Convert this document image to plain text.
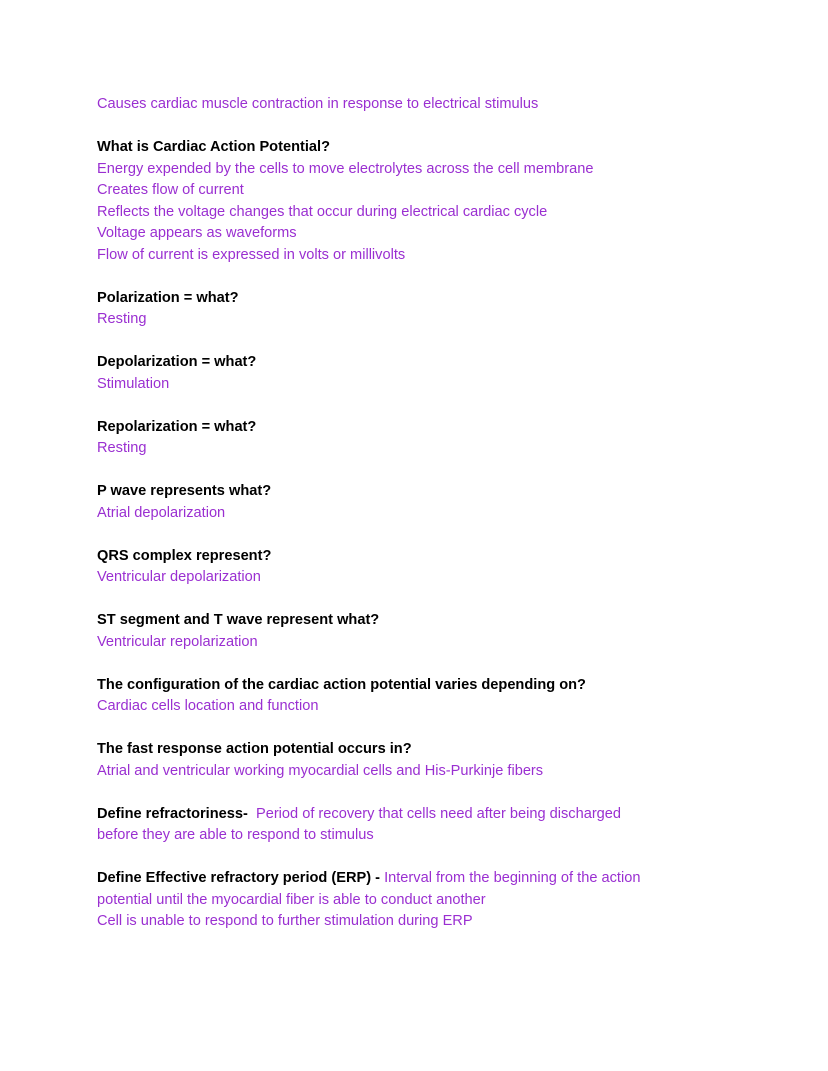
Causes cardiac muscle contraction in response to electrical stimulus
What is Cardiac Action Potential?
Energy expended by the cells to move electrolytes across the cell membrane
Creates flow of current
Reflects the voltage changes that occur during electrical cardiac cycle
Voltage appears as waveforms
Flow of current is expressed in volts or millivolts
Polarization = what?
Resting
Depolarization = what?
Stimulation
Repolarization = what?
Resting
P wave represents what?
Atrial depolarization
QRS complex represent?
Ventricular depolarization
ST segment and T wave represent what?
Ventricular repolarization
The configuration of the cardiac action potential varies depending on?
Cardiac cells location and function
The fast response action potential occurs in?
Atrial and ventricular working myocardial cells and His-Purkinje fibers
Define refractoriness-  Period of recovery that cells need after being discharged
before they are able to respond to stimulus
Define Effective refractory period (ERP) - Interval from the beginning of the action
potential until the myocardial fiber is able to conduct another
Cell is unable to respond to further stimulation during ERP
